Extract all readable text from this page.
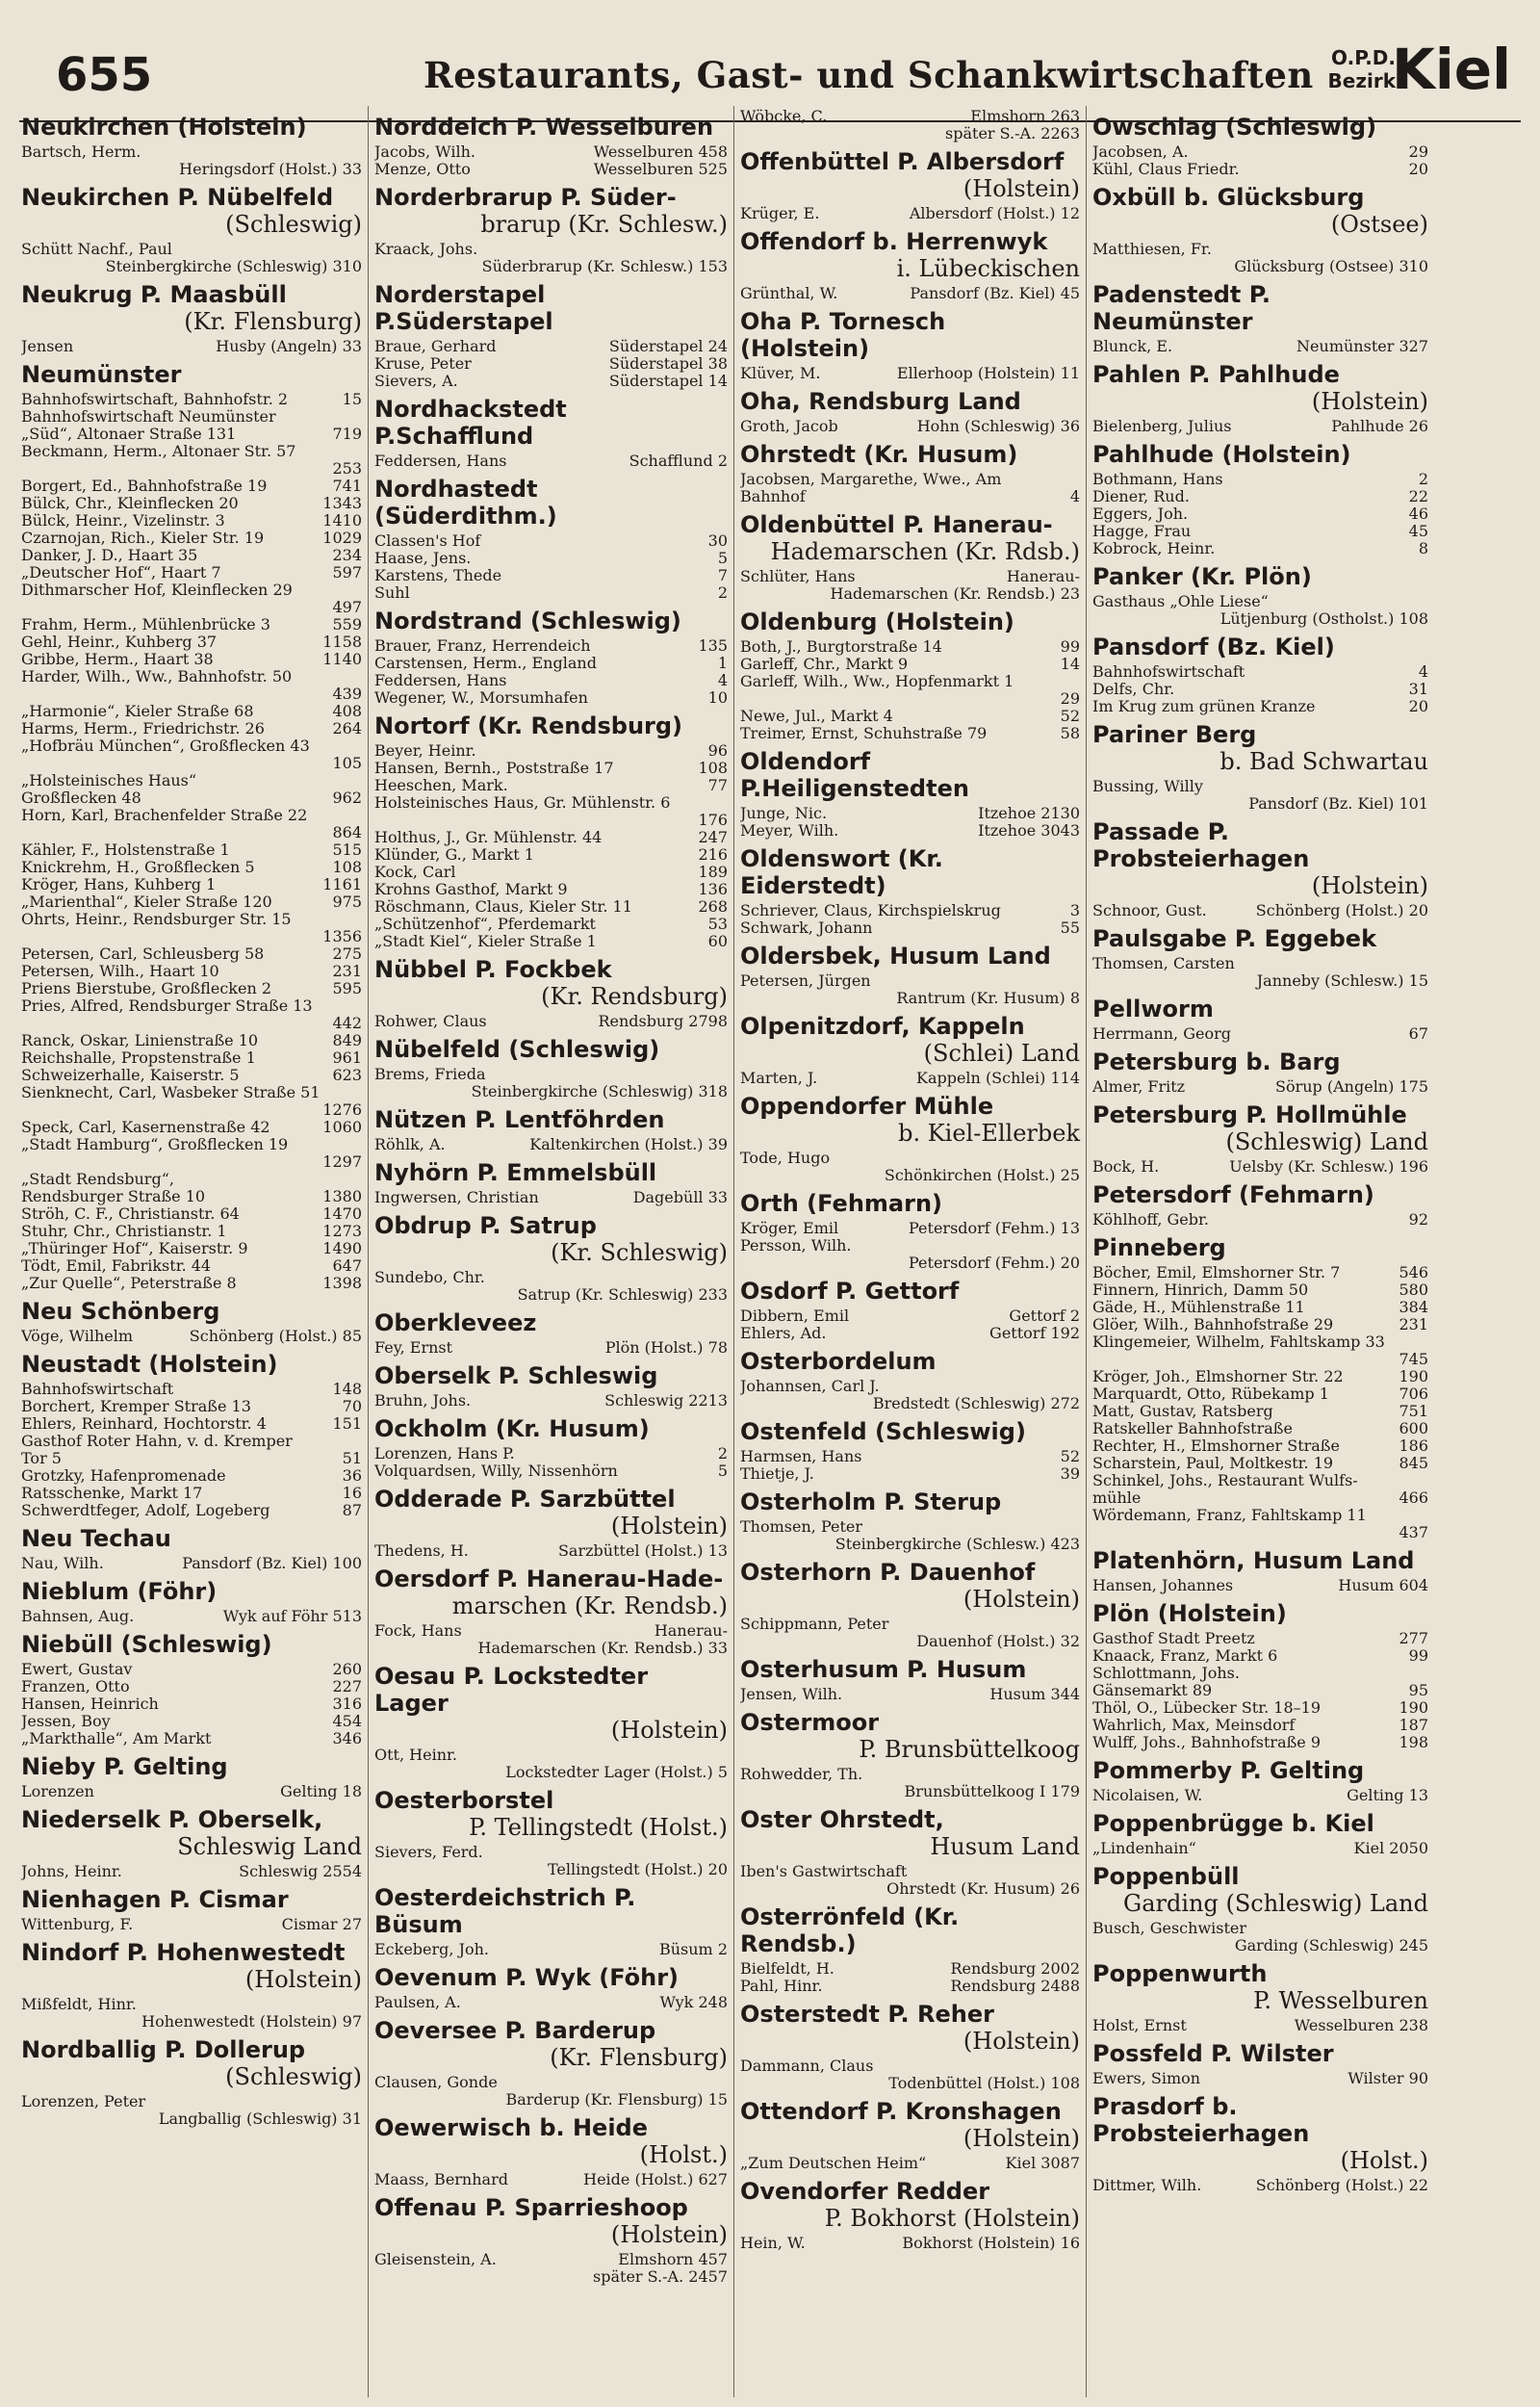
655	Restaurants, Gast- und Schankwirtschaften O.P.D.
Bezirk
Kiel
Neukirchen (Holstein)
Bartsch, Herm.
Heringsdorf (Holst.) 33
Neukirchen P. Nübelfeld
(Schleswig)
Schütt Nachf., Paul
Steinbergkirche (Schleswig) 310
Neukrug P. Maasbüll
(Kr. Flensburg)
Jensen	Husby (Angeln) 33
Neumünster
Bahnhofswirtschaft, Bahnhofstr. 2	15
Bahnhofswirtschaft Neumünster
„Süd“, Altonaer Straße 131	719
Beckmann, Herm., Altonaer Str. 57
253
Borgert, Ed., Bahnhofstraße 19	741
Bülck, Chr., Kleinflecken 20	1343
Bülck, Heinr., Vizelinstr. 3	1410
Czarnojan, Rich., Kieler Str. 19	1029
Danker, J. D., Haart 35	234
„Deutscher Hof“, Haart 7	597
Dithmarscher Hof, Kleinflecken 29
497
Frahm, Herm., Mühlenbrücke 3	559
Gehl, Heinr., Kuhberg 37	1158
Gribbe, Herm., Haart 38	1140
Harder, Wilh., Ww., Bahnhofstr. 50
439
„Harmonie“, Kieler Straße 68	408
Harms, Herm., Friedrichstr. 26	264
„Hofbräu München“, Großflecken 43
105
„Holsteinisches Haus“
Großflecken 48	962
Horn, Karl, Brachenfelder Straße 22
864
Kähler, F., Holstenstraße 1	515
Knickrehm, H., Großflecken 5	108
Kröger, Hans, Kuhberg 1	1161
„Marienthal“, Kieler Straße 120	975
Ohrts, Heinr., Rendsburger Str. 15
1356
Petersen, Carl, Schleusberg 58	275
Petersen, Wilh., Haart 10	231
Priens Bierstube, Großflecken 2	595
Pries, Alfred, Rendsburger Straße 13
442
Ranck, Oskar, Linienstraße 10	849
Reichshalle, Propstenstraße 1	961
Schweizerhalle, Kaiserstr. 5	623
Sienknecht, Carl, Wasbeker Straße 51
1276
Speck, Carl, Kasernenstraße 42	1060
„Stadt Hamburg“, Großflecken 19
1297
„Stadt Rendsburg“,
Rendsburger Straße 10	1380
Ströh, C. F., Christianstr. 64	1470
Stuhr, Chr., Christianstr. 1	1273
„Thüringer Hof“, Kaiserstr. 9	1490
Tödt, Emil, Fabrikstr. 44	647
„Zur Quelle“, Peterstraße 8	1398
Neu Schönberg
Vöge, Wilhelm	Schönberg (Holst.) 85
Neustadt (Holstein)
Bahnhofswirtschaft	148
Borchert, Kremper Straße 13	70
Ehlers, Reinhard, Hochtorstr. 4	151
Gasthof Roter Hahn, v. d. Kremper
Tor 5	51
Grotzky, Hafenpromenade	36
Ratsschenke, Markt 17	16
Schwerdtfeger, Adolf, Logeberg	87
Neu Techau
Nau, Wilh.	Pansdorf (Bz. Kiel) 100
Nieblum (Föhr)
Bahnsen, Aug.	Wyk auf Föhr 513
Niebüll (Schleswig)
Ewert, Gustav	260
Franzen, Otto	227
Hansen, Heinrich	316
Jessen, Boy	454
„Markthalle“, Am Markt	346
Nieby P. Gelting
Lorenzen	Gelting 18
Niederselk P. Oberselk,
Schleswig Land
Johns, Heinr.	Schleswig 2554
Nienhagen P. Cismar
Wittenburg, F.	Cismar 27
Nindorf P. Hohenwestedt
(Holstein)
Mißfeldt, Hinr.
Hohenwestedt (Holstein) 97
Nordballig P. Dollerup
(Schleswig)
Lorenzen, Peter
Langballig (Schleswig) 31
Norddeich P. Wesselburen
Jacobs, Wilh.	Wesselburen 458
Menze, Otto	Wesselburen 525
Norderbrarup P. Süder-
brarup (Kr. Schlesw.)
Kraack, Johs.
Süderbrarup (Kr. Schlesw.) 153
Norderstapel P.Süderstapel
Braue, Gerhard	Süderstapel 24
Kruse, Peter	Süderstapel 38
Sievers, A.	Süderstapel 14
Nordhackstedt P.Schafflund
Feddersen, Hans	Schafflund 2
Nordhastedt (Süderdithm.)
Classen's Hof	30
Haase, Jens.	5
Karstens, Thede	7
Suhl	2
Nordstrand (Schleswig)
Brauer, Franz, Herrendeich	135
Carstensen, Herm., England	1
Feddersen, Hans	4
Wegener, W., Morsumhafen	10
Nortorf (Kr. Rendsburg)
Beyer, Heinr.	96
Hansen, Bernh., Poststraße 17	108
Heeschen, Mark.	77
Holsteinisches Haus, Gr. Mühlenstr. 6
176
Holthus, J., Gr. Mühlenstr. 44	247
Klünder, G., Markt 1	216
Kock, Carl	189
Krohns Gasthof, Markt 9	136
Röschmann, Claus, Kieler Str. 11	268
„Schützenhof“, Pferdemarkt	53
„Stadt Kiel“, Kieler Straße 1	60
Nübbel P. Fockbek
(Kr. Rendsburg)
Rohwer, Claus	Rendsburg 2798
Nübelfeld (Schleswig)
Brems, Frieda
Steinbergkirche (Schleswig) 318
Nützen P. Lentföhrden
Röhlk, A.	Kaltenkirchen (Holst.) 39
Nyhörn P. Emmelsbüll
Ingwersen, Christian	Dagebüll 33
Obdrup P. Satrup
(Kr. Schleswig)
Sundebo, Chr.
Satrup (Kr. Schleswig) 233
Oberkleveez
Fey, Ernst	Plön (Holst.) 78
Oberselk P. Schleswig
Bruhn, Johs.	Schleswig 2213
Ockholm (Kr. Husum)
Lorenzen, Hans P.	2
Volquardsen, Willy, Nissenhörn	5
Odderade P. Sarzbüttel
(Holstein)
Thedens, H.	Sarzbüttel (Holst.) 13
Oersdorf P. Hanerau-Hade-
marschen (Kr. Rendsb.)
Fock, Hans	Hanerau-
Hademarschen (Kr. Rendsb.) 33
Oesau P. Lockstedter Lager
(Holstein)
Ott, Heinr.
Lockstedter Lager (Holst.) 5
Oesterborstel
P. Tellingstedt (Holst.)
Sievers, Ferd.
Tellingstedt (Holst.) 20
Oesterdeichstrich P. Büsum
Eckeberg, Joh.	Büsum 2
Oevenum P. Wyk (Föhr)
Paulsen, A.	Wyk 248
Oeversee P. Barderup
(Kr. Flensburg)
Clausen, Gonde
Barderup (Kr. Flensburg) 15
Oewerwisch b. Heide
(Holst.)
Maass, Bernhard	Heide (Holst.) 627
Offenau P. Sparrieshoop
(Holstein)
Gleisenstein, A.	Elmshorn 457
später S.-A. 2457
Wöbcke, C.	Elmshorn 263
später S.-A. 2263
Offenbüttel P. Albersdorf
(Holstein)
Krüger, E.	Albersdorf (Holst.) 12
Offendorf b. Herrenwyk
i. Lübeckischen
Grünthal, W.	Pansdorf (Bz. Kiel) 45
Oha P. Tornesch (Holstein)
Klüver, M.	Ellerhoop (Holstein) 11
Oha, Rendsburg Land
Groth, Jacob	Hohn (Schleswig) 36
Ohrstedt (Kr. Husum)
Jacobsen, Margarethe, Wwe., Am
Bahnhof	4
Oldenbüttel P. Hanerau-
Hademarschen (Kr. Rdsb.)
Schlüter, Hans	Hanerau-
Hademarschen (Kr. Rendsb.) 23
Oldenburg (Holstein)
Both, J., Burgtorstraße 14	99
Garleff, Chr., Markt 9	14
Garleff, Wilh., Ww., Hopfenmarkt 1
29
Newe, Jul., Markt 4	52
Treimer, Ernst, Schuhstraße 79	58
Oldendorf P.Heiligenstedten
Junge, Nic.	Itzehoe 2130
Meyer, Wilh.	Itzehoe 3043
Oldenswort (Kr. Eiderstedt)
Schriever, Claus, Kirchspielskrug	3
Schwark, Johann	55
Oldersbek, Husum Land
Petersen, Jürgen
Rantrum (Kr. Husum) 8
Olpenitzdorf, Kappeln
(Schlei) Land
Marten, J.	Kappeln (Schlei) 114
Oppendorfer Mühle
b. Kiel-Ellerbek
Tode, Hugo
Schönkirchen (Holst.) 25
Orth (Fehmarn)
Kröger, Emil	Petersdorf (Fehm.) 13
Persson, Wilh.
Petersdorf (Fehm.) 20
Osdorf P. Gettorf
Dibbern, Emil	Gettorf 2
Ehlers, Ad.	Gettorf 192
Osterbordelum
Johannsen, Carl J.
Bredstedt (Schleswig) 272
Ostenfeld (Schleswig)
Harmsen, Hans	52
Thietje, J.	39
Osterholm P. Sterup
Thomsen, Peter
Steinbergkirche (Schlesw.) 423
Osterhorn P. Dauenhof
(Holstein)
Schippmann, Peter
Dauenhof (Holst.) 32
Osterhusum P. Husum
Jensen, Wilh.	Husum 344
Ostermoor
P. Brunsbüttelkoog
Rohwedder, Th.
Brunsbüttelkoog I 179
Oster Ohrstedt,
Husum Land
Iben's Gastwirtschaft
Ohrstedt (Kr. Husum) 26
Osterrönfeld (Kr. Rendsb.)
Bielfeldt, H.	Rendsburg 2002
Pahl, Hinr.	Rendsburg 2488
Osterstedt P. Reher
(Holstein)
Dammann, Claus
Todenbüttel (Holst.) 108
Ottendorf P. Kronshagen
(Holstein)
„Zum Deutschen Heim“	Kiel 3087
Ovendorfer Redder
P. Bokhorst (Holstein)
Hein, W.	Bokhorst (Holstein) 16
Owschlag (Schleswig)
Jacobsen, A.	29
Kühl, Claus Friedr.	20
Oxbüll b. Glücksburg
(Ostsee)
Matthiesen, Fr.
Glücksburg (Ostsee) 310
Padenstedt P. Neumünster
Blunck, E.	Neumünster 327
Pahlen P. Pahlhude
(Holstein)
Bielenberg, Julius	Pahlhude 26
Pahlhude (Holstein)
Bothmann, Hans	2
Diener, Rud.	22
Eggers, Joh.	46
Hagge, Frau	45
Kobrock, Heinr.	8
Panker (Kr. Plön)
Gasthaus „Ohle Liese“
Lütjenburg (Ostholst.) 108
Pansdorf (Bz. Kiel)
Bahnhofswirtschaft	4
Delfs, Chr.	31
Im Krug zum grünen Kranze	20
Pariner Berg
b. Bad Schwartau
Bussing, Willy
Pansdorf (Bz. Kiel) 101
Passade P. Probsteierhagen
(Holstein)
Schnoor, Gust.	Schönberg (Holst.) 20
Paulsgabe P. Eggebek
Thomsen, Carsten
Janneby (Schlesw.) 15
Pellworm
Herrmann, Georg	67
Petersburg b. Barg
Almer, Fritz	Sörup (Angeln) 175
Petersburg P. Hollmühle
(Schleswig) Land
Bock, H.	Uelsby (Kr. Schlesw.) 196
Petersdorf (Fehmarn)
Köhlhoff, Gebr.	92
Pinneberg
Böcher, Emil, Elmshorner Str. 7	546
Finnern, Hinrich, Damm 50	580
Gäde, H., Mühlenstraße 11	384
Glöer, Wilh., Bahnhofstraße 29	231
Klingemeier, Wilhelm, Fahltskamp 33
745
Kröger, Joh., Elmshorner Str. 22	190
Marquardt, Otto, Rübekamp 1	706
Matt, Gustav, Ratsberg	751
Ratskeller Bahnhofstraße	600
Rechter, H., Elmshorner Straße	186
Scharstein, Paul, Moltkestr. 19	845
Schinkel, Johs., Restaurant Wulfs-
mühle	466
Wördemann, Franz, Fahltskamp 11
437
Platenhörn, Husum Land
Hansen, Johannes	Husum 604
Plön (Holstein)
Gasthof Stadt Preetz	277
Knaack, Franz, Markt 6	99
Schlottmann, Johs.
Gänsemarkt 89	95
Thöl, O., Lübecker Str. 18–19	190
Wahrlich, Max, Meinsdorf	187
Wulff, Johs., Bahnhofstraße 9	198
Pommerby P. Gelting
Nicolaisen, W.	Gelting 13
Poppenbrügge b. Kiel
„Lindenhain“	Kiel 2050
Poppenbüll
Garding (Schleswig) Land
Busch, Geschwister
Garding (Schleswig) 245
Poppenwurth
P. Wesselburen
Holst, Ernst	Wesselburen 238
Possfeld P. Wilster
Ewers, Simon	Wilster 90
Prasdorf b. Probsteierhagen
(Holst.)
Dittmer, Wilh.	Schönberg (Holst.) 22
